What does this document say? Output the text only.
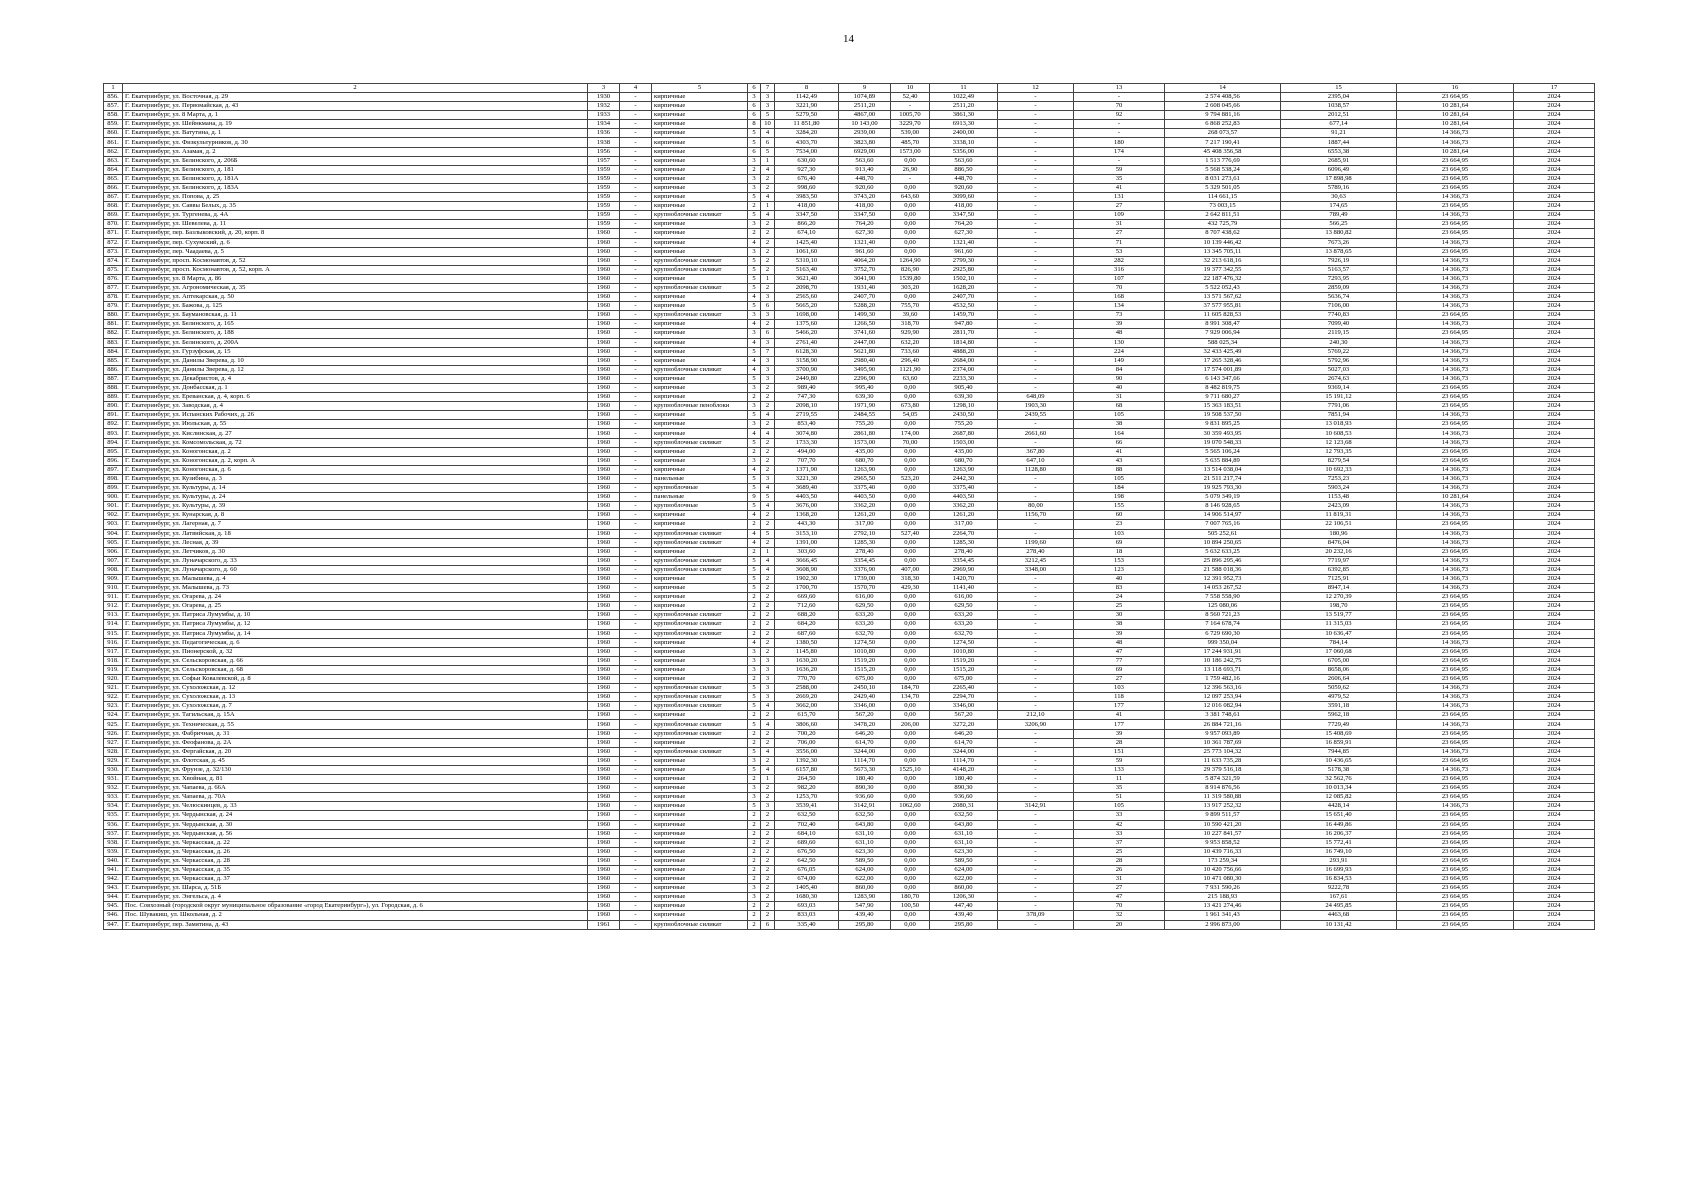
14
1	2	3	4	5	6	7	8	9	10	11	12	13	14	15	16	17
856.	Г. Екатеринбург, ул. Восточная, д. 29	1930	-	кирпичные	3	3	1142,49	1074,89	52,40	1022,49	-	-	2 574 408,56	2395,04	23 664,95	2024
857.	Г. Екатеринбург, ул. Первомайская, д. 43	1932	-	кирпичные	6	3	3221,90	2511,20	-	2511,20	-	70	2 608 045,66	1038,57	10 281,64	2024
858.	Г. Екатеринбург, ул. 8 Марта, д. 1	1933	-	кирпичные	6	5	5279,50	4867,00	1005,70	3861,30	-	92	9 794 881,16	2012,51	10 281,64	2024
859.	Г. Екатеринбург, ул. Шейнкмана, д. 19	1934	-	кирпичные	8	10	11 851,80	10 143,00	3229,70	6913,30	-	-	6 868 252,83	677,14	10 281,64	2024
860.	Г. Екатеринбург, ул. Ватутина, д. 1	1936	-	кирпичные	5	4	3284,20	2939,00	539,00	2400,00	-	-	268 073,57	91,21	14 366,73	2024
861.	Г. Екатеринбург, ул. Физкультурников, д. 30	1938	-	кирпичные	5	6	4303,70	3823,80	485,70	3338,10	-	180	7 217 190,41	1887,44	14 366,73	2024
862.	Г. Екатеринбург, ул. Азамая, д. 2	1956	-	кирпичные	6	5	7534,00	6929,00	1573,00	5356,00	-	174	45 408 356,58	6553,38	10 281,64	2024
863.	Г. Екатеринбург, ул. Белинского, д. 206Б	1957	-	кирпичные	3	1	630,60	563,60	0,00	563,60	-	-	1 513 776,69	2685,91	23 664,95	2024
864.	Г. Екатеринбург, ул. Белинского, д. 181	1959	-	кирпичные	2	4	927,30	913,40	26,90	886,50	-	59	5 568 538,24	6096,49	23 664,95	2024
865.	Г. Екатеринбург, ул. Белинского, д. 181А	1959	-	кирпичные	3	2	676,40	448,70	-	448,70	-	35	8 031 273,61	17 898,98	23 664,95	2024
866.	Г. Екатеринбург, ул. Белинского, д. 183А	1959	-	кирпичные	3	2	998,60	920,60	0,00	920,60	-	41	5 329 501,05	5789,16	23 664,95	2024
867.	Г. Екатеринбург, ул. Попова, д. 25	1959	-	кирпичные	5	4	3983,50	3743,20	643,60	3099,60	-	131	114 661,15	30,63	14 366,73	2024
868.	Г. Екатеринбург, ул. Саввы Белых, д. 35	1959	-	кирпичные	2	1	418,00	418,00	0,00	418,00	-	27	73 003,15	174,65	23 664,95	2024
869.	Г. Екатеринбург, ул. Тургенева, д. 4А	1959	-	крупноблочные силикат	5	4	3347,50	3347,50	0,00	3347,50	-	109	2 642 811,51	789,49	14 366,73	2024
870.	Г. Екатеринбург, ул. Шевелева, д. 11	1959	-	кирпичные	3	2	866,20	764,20	0,00	764,20	-	31	432 725,79	566,25	23 664,95	2024
871.	Г. Екатеринбург, пер. Базлыковский, д. 20, корп. 8	1960	-	кирпичные	2	2	674,10	627,30	0,00	627,30	-	27	8 707 438,62	13 880,82	23 664,95	2024
872.	Г. Екатеринбург, пер. Сухумский, д. 6	1960	-	кирпичные	4	2	1425,40	1321,40	0,00	1321,40	-	71	10 139 446,42	7673,26	14 366,73	2024
873.	Г. Екатеринбург, пер. Чаадаева, д. 5	1960	-	кирпичные	3	2	1061,60	961,60	0,00	961,60	-	53	13 345 705,11	13 878,65	23 664,95	2024
874.	Г. Екатеринбург, просп. Космонавтов, д. 52	1960	-	крупноблочные силикат	5	2	5310,10	4064,20	1264,90	2799,30	-	282	32 213 618,16	7926,19	14 366,73	2024
875.	Г. Екатеринбург, просп. Космонавтов, д. 52, корп. А	1960	-	крупноблочные силикат	5	2	5163,40	3752,70	826,90	2925,80	-	316	19 377 342,55	5163,57	14 366,73	2024
876.	Г. Екатеринбург, ул. 8 Марта, д. 86	1960	-	кирпичные	5	1	3621,40	3041,90	1539,80	1502,10	-	107	22 187 476,32	7293,95	14 366,73	2024
877.	Г. Екатеринбург, ул. Агрономическая, д. 35	1960	-	крупноблочные силикат	5	2	2098,70	1931,40	303,20	1628,20	-	70	5 522 052,43	2859,09	14 366,73	2024
878.	Г. Екатеринбург, ул. Аптекарская, д. 50	1960	-	кирпичные	4	3	2565,60	2407,70	0,00	2407,70	-	168	13 571 567,62	5636,74	14 366,73	2024
879.	Г. Екатеринбург, ул. Бажова, д. 125	1960	-	кирпичные	5	6	5665,20	5288,20	755,70	4532,50	-	134	37 577 955,81	7106,00	14 366,73	2024
880.	Г. Екатеринбург, ул. Баумановская, д. 11	1960	-	крупноблочные силикат	3	3	1698,00	1499,30	39,60	1459,70	-	73	11 605 828,53	7740,83	23 664,95	2024
881.	Г. Екатеринбург, ул. Белинского, д. 165	1960	-	кирпичные	4	2	1375,60	1266,50	318,70	947,80	-	39	8 991 308,47	7099,40	14 366,73	2024
882.	Г. Екатеринбург, ул. Белинского, д. 188	1960	-	кирпичные	3	6	5466,20	3741,60	929,90	2811,70	-	48	7 929 006,94	2119,15	23 664,95	2024
883.	Г. Екатеринбург, ул. Белинского, д. 200А	1960	-	кирпичные	4	3	2761,40	2447,00	632,20	1814,80	-	130	588 025,34	240,30	14 366,73	2024
884.	Г. Екатеринбург, ул. Гурзуфская, д. 15	1960	-	кирпичные	5	7	6128,30	5621,80	733,60	4888,20	-	224	32 433 425,49	5769,22	14 366,73	2024
885.	Г. Екатеринбург, ул. Данилы Зверева, д. 10	1960	-	кирпичные	4	3	3158,90	2980,40	296,40	2684,00	-	149	17 265 328,46	5792,96	14 366,73	2024
886.	Г. Екатеринбург, ул. Данилы Зверева, д. 12	1960	-	крупноблочные силикат	4	3	3700,90	3495,90	1121,90	2374,00	-	84	17 574 001,89	5027,03	14 366,73	2024
887.	Г. Екатеринбург, ул. Декабристов, д. 4	1960	-	кирпичные	5	3	2449,80	2296,90	63,60	2233,30	-	90	6 143 347,66	2674,63	14 366,73	2024
888.	Г. Екатеринбург, ул. Донбасская, д. 1	1960	-	кирпичные	3	2	989,40	995,40	0,00	905,40	-	40	8 482 819,75	9369,14	23 664,95	2024
889.	Г. Екатеринбург, ул. Ереванская, д. 4, корп. 6	1960	-	кирпичные	2	2	747,30	639,30	0,00	639,30	648,09	31	9 711 680,27	15 191,12	23 664,95	2024
890.	Г. Екатеринбург, ул. Заводская, д. 4	1960	-	крупноблочные пеноблоки	3	2	2098,10	1971,90	673,80	1298,10	1903,30	68	15 363 183,51	7791,06	23 664,95	2024
891.	Г. Екатеринбург, ул. Испанских Рабочих, д. 26	1960	-	кирпичные	5	4	2719,55	2484,55	54,05	2430,50	2439,55	105	19 508 537,50	7851,94	14 366,73	2024
892.	Г. Екатеринбург, ул. Июльская, д. 55	1960	-	кирпичные	3	2	853,40	755,20	0,00	755,20	-	38	9 831 895,25	13 018,93	23 664,95	2024
893.	Г. Екатеринбург, ул. Кислинская, д. 27	1960	-	кирпичные	4	4	3074,80	2861,80	174,00	2687,80	2661,60	164	30 359 493,95	10 608,53	14 366,73	2024
894.	Г. Екатеринбург, ул. Комсомольская, д. 72	1960	-	крупноблочные силикат	5	2	1733,30	1573,00	70,00	1503,00	-	66	19 070 548,33	12 123,68	14 366,73	2024
895.	Г. Екатеринбург, ул. Коногонская, д. 2	1960	-	кирпичные	2	2	494,00	435,00	0,00	435,00	367,80	41	5 565 106,24	12 793,35	23 664,95	2024
896.	Г. Екатеринбург, ул. Коногонская, д. 2, корп. А	1960	-	кирпичные	3	2	707,70	680,70	0,00	680,70	647,10	43	5 635 884,89	8279,54	23 664,95	2024
897.	Г. Екатеринбург, ул. Коногонская, д. 6	1960	-	кирпичные	4	2	1371,90	1263,90	0,00	1263,90	1128,80	88	13 514 038,04	10 692,33	14 366,73	2024
898.	Г. Екатеринбург, ул. Кузибина, д. 3	1960	-	панельные	5	3	3221,30	2965,50	523,20	2442,30	-	105	21 511 217,74	7253,23	14 366,73	2024
899.	Г. Екатеринбург, ул. Культуры, д. 14	1960	-	крупноблочные	5	4	3689,40	3375,40	0,00	3375,40	-	184	19 925 793,30	5903,24	14 366,73	2024
900.	Г. Екатеринбург, ул. Культуры, д. 24	1960	-	панельные	9	5	4403,50	4403,50	0,00	4403,50	-	198	5 079 349,19	1153,48	10 281,64	2024
901.	Г. Екатеринбург, ул. Культуры, д. 39	1960	-	крупноблочные	5	4	3676,00	3362,20	0,00	3362,20	80,00	155	8 146 928,65	2423,09	14 366,73	2024
902.	Г. Екатеринбург, ул. Кунарская, д. 8	1960	-	кирпичные	4	2	1368,20	1261,20	0,00	1261,20	1156,70	60	14 906 514,97	11 819,31	14 366,73	2024
903.	Г. Екатеринбург, ул. Лагерная, д. 7	1960	-	кирпичные	2	2	443,30	317,00	0,00	317,00	-	23	7 007 765,16	22 106,51	23 664,95	2024
904.	Г. Екатеринбург, ул. Латвийская, д. 18	1960	-	крупноблочные силикат	4	5	3153,10	2792,10	527,40	2264,70	-	103	505 252,61	180,96	14 366,73	2024
905.	Г. Екатеринбург, ул. Лесная, д. 39	1960	-	крупноблочные силикат	4	2	1391,00	1285,30	0,00	1285,30	1199,60	69	10 894 250,65	8476,04	14 366,73	2024
906.	Г. Екатеринбург, ул. Летчиков, д. 30	1960	-	кирпичные	2	1	303,60	278,40	0,00	278,40	278,40	18	5 632 633,25	20 232,16	23 664,95	2024
907.	Г. Екатеринбург, ул. Луначарского, д. 33	1960	-	крупноблочные силикат	5	4	3666,45	3354,45	0,00	3354,45	3212,45	153	25 896 295,46	7719,97	14 366,73	2024
908.	Г. Екатеринбург, ул. Луначарского, д. 60	1960	-	крупноблочные силикат	5	4	3608,90	3376,90	407,00	2969,90	3348,00	123	21 588 018,36	6392,85	14 366,73	2024
909.	Г. Екатеринбург, ул. Малышева, д. 4	1960	-	кирпичные	5	2	1902,30	1739,00	318,30	1420,70	-	40	12 391 952,73	7125,91	14 366,73	2024
910.	Г. Екатеринбург, ул. Малышева, д. 73	1960	-	кирпичные	5	2	1700,70	1570,70	429,30	1141,40	-	83	14 053 267,52	8947,14	14 366,73	2024
911.	Г. Екатеринбург, ул. Огарева, д. 24	1960	-	кирпичные	2	2	669,60	616,00	0,00	616,00	-	24	7 558 558,90	12 270,39	23 664,95	2024
912.	Г. Екатеринбург, ул. Огарева, д. 25	1960	-	кирпичные	2	2	712,60	629,50	0,00	629,50	-	25	125 080,06	198,70	23 664,95	2024
913.	Г. Екатеринбург, ул. Патриса Лумумбы, д. 10	1960	-	крупноблочные силикат	2	2	688,20	633,20	0,00	633,20	-	30	8 560 721,23	13 519,77	23 664,95	2024
914.	Г. Екатеринбург, ул. Патриса Лумумбы, д. 12	1960	-	крупноблочные силикат	2	2	684,20	633,20	0,00	633,20	-	38	7 164 678,74	11 315,03	23 664,95	2024
915.	Г. Екатеринбург, ул. Патриса Лумумбы, д. 14	1960	-	крупноблочные силикат	2	2	687,60	632,70	0,00	632,70	-	39	6 729 690,30	10 636,47	23 664,95	2024
916.	Г. Екатеринбург, ул. Педагогическая, д. 6	1960	-	кирпичные	4	2	1380,50	1274,50	0,00	1274,50	-	48	999 350,04	784,14	14 366,73	2024
917.	Г. Екатеринбург, ул. Пионерской, д. 32	1960	-	кирпичные	3	2	1145,80	1010,80	0,00	1010,80	-	47	17 244 931,91	17 060,68	23 664,95	2024
918.	Г. Екатеринбург, ул. Сельскоровская, д. 66	1960	-	кирпичные	3	3	1630,20	1519,20	0,00	1519,20	-	77	10 186 242,75	6705,00	23 664,95	2024
919.	Г. Екатеринбург, ул. Сельскоровская, д. 68	1960	-	кирпичные	3	3	1636,20	1515,20	0,00	1515,20	-	69	13 118 693,71	8658,06	23 664,95	2024
920.	Г. Екатеринбург, ул. Софьи Ковалевской, д. 8	1960	-	кирпичные	2	3	770,70	675,00	0,00	675,00	-	27	1 759 482,16	2606,64	23 664,95	2024
921.	Г. Екатеринбург, ул. Сухоложская, д. 12	1960	-	крупноблочные силикат	5	3	2588,00	2450,10	184,70	2265,40	-	103	12 396 563,16	5059,62	14 366,73	2024
922.	Г. Екатеринбург, ул. Сухоложская, д. 13	1960	-	крупноблочные силикат	5	3	2669,20	2429,40	134,70	2294,70	-	118	12 097 253,94	4979,52	14 366,73	2024
923.	Г. Екатеринбург, ул. Сухоложская, д. 7	1960	-	крупноблочные силикат	5	4	3662,00	3346,00	0,00	3346,00	-	177	12 016 082,94	3591,18	14 366,73	2024
924.	Г. Екатеринбург, ул. Тагильская, д. 15А	1960	-	кирпичные	2	2	615,70	567,20	0,00	567,20	212,10	41	3 381 748,61	5962,18	23 664,95	2024
925.	Г. Екатеринбург, ул. Техническая, д. 55	1960	-	крупноблочные силикат	5	4	3806,60	3478,20	206,00	3272,20	3206,90	177	26 884 721,16	7729,49	14 366,73	2024
926.	Г. Екатеринбург, ул. Фабричная, д. 31	1960	-	крупноблочные силикат	2	2	700,20	646,20	0,00	646,20	-	39	9 957 093,89	15 408,69	23 664,95	2024
927.	Г. Екатеринбург, ул. Феофанова, д. 2А	1960	-	кирпичные	2	2	706,00	614,70	0,00	614,70	-	28	10 361 787,69	16 859,91	23 664,95	2024
928.	Г. Екатеринбург, ул. Фергайская, д. 20	1960	-	крупноблочные силикат	5	4	3556,00	3244,00	0,00	3244,00	-	151	25 773 104,32	7944,85	14 366,73	2024
929.	Г. Екатеринбург, ул. Флотская, д. 45	1960	-	кирпичные	3	2	1392,30	1114,70	0,00	1114,70	-	59	11 633 735,28	10 436,65	23 664,95	2024
930.	Г. Екатеринбург, ул. Фрунзе, д. 32/130	1960	-	кирпичные	5	4	6157,80	5673,30	1525,10	4148,20	-	133	29 379 516,18	5178,38	14 366,73	2024
931.	Г. Екатеринбург, ул. Хвойная, д. 81	1960	-	кирпичные	2	1	264,50	180,40	0,00	180,40	-	11	5 874 321,59	32 562,76	23 664,95	2024
932.	Г. Екатеринбург, ул. Чапаева, д. 66А	1960	-	кирпичные	3	2	982,20	890,30	0,00	890,30	-	35	8 914 876,56	10 013,34	23 664,95	2024
933.	Г. Екатеринбург, ул. Чапаева, д. 70А	1960	-	кирпичные	3	2	1253,70	936,60	0,00	936,60	-	51	11 319 580,88	12 085,82	23 664,95	2024
934.	Г. Екатеринбург, ул. Челюскинцев, д. 33	1960	-	кирпичные	5	3	3539,41	3142,91	1062,60	2080,31	3142,91	105	13 917 252,32	4428,14	14 366,73	2024
935.	Г. Екатеринбург, ул. Чердынская, д. 24	1960	-	кирпичные	2	2	632,50	632,50	0,00	632,50	-	33	9 899 511,57	15 651,40	23 664,95	2024
936.	Г. Екатеринбург, ул. Чердынская, д. 30	1960	-	кирпичные	2	2	702,40	643,80	0,00	643,80	-	42	10 590 421,20	16 449,86	23 664,95	2024
937.	Г. Екатеринбург, ул. Чердынская, д. 56	1960	-	кирпичные	2	2	684,10	631,10	0,00	631,10	-	33	10 227 841,57	16 206,37	23 664,95	2024
938.	Г. Екатеринбург, ул. Черкасская, д. 22	1960	-	кирпичные	2	2	689,60	631,10	0,00	631,10	-	37	9 953 858,52	15 772,41	23 664,95	2024
939.	Г. Екатеринбург, ул. Черкасская, д. 26	1960	-	кирпичные	2	2	676,50	623,30	0,00	623,30	-	25	10 439 716,33	16 749,10	23 664,95	2024
940.	Г. Екатеринбург, ул. Черкасская, д. 28	1960	-	кирпичные	2	2	642,50	589,50	0,00	589,50	-	28	173 259,34	293,91	23 664,95	2024
941.	Г. Екатеринбург, ул. Черкасская, д. 35	1960	-	кирпичные	2	2	676,05	624,00	0,00	624,00	-	26	10 420 756,66	16 699,93	23 664,95	2024
942.	Г. Екатеринбург, ул. Черкасская, д. 37	1960	-	кирпичные	2	2	674,00	622,00	0,00	622,00	-	31	10 471 080,30	16 834,53	23 664,95	2024
943.	Г. Екатеринбург, ул. Шарса, д. 51Б	1960	-	кирпичные	3	2	1405,40	860,00	0,00	860,00	-	27	7 931 590,26	9222,78	23 664,95	2024
944.	Г. Екатеринбург, ул. Энгельса, д. 4	1960	-	кирпичные	3	2	1680,30	1283,90	180,70	1206,30	-	47	215 188,93	167,61	23 664,95	2024
945.	Пос. Совхозный (городской округ муниципальное образование «город Екатеринбург»), ул. Городская, д. 6	1960	-	кирпичные	2	2	693,03	547,90	100,50	447,40	-	70	13 421 274,46	24 495,85	23 664,95	2024
946.	Пос. Шувакиш, ул. Школьная, д. 2	1960	-	кирпичные	2	2	833,03	439,40	0,00	439,40	378,09	32	1 961 341,43	4463,68	23 664,95	2024
947.	Г. Екатеринбург, пер. Замятина, д. 43	1961	-	крупноблочные силикат	2	6	335,40	295,80	0,00	295,80	-	20	2 996 873,00	10 131,42	23 664,95	2024
